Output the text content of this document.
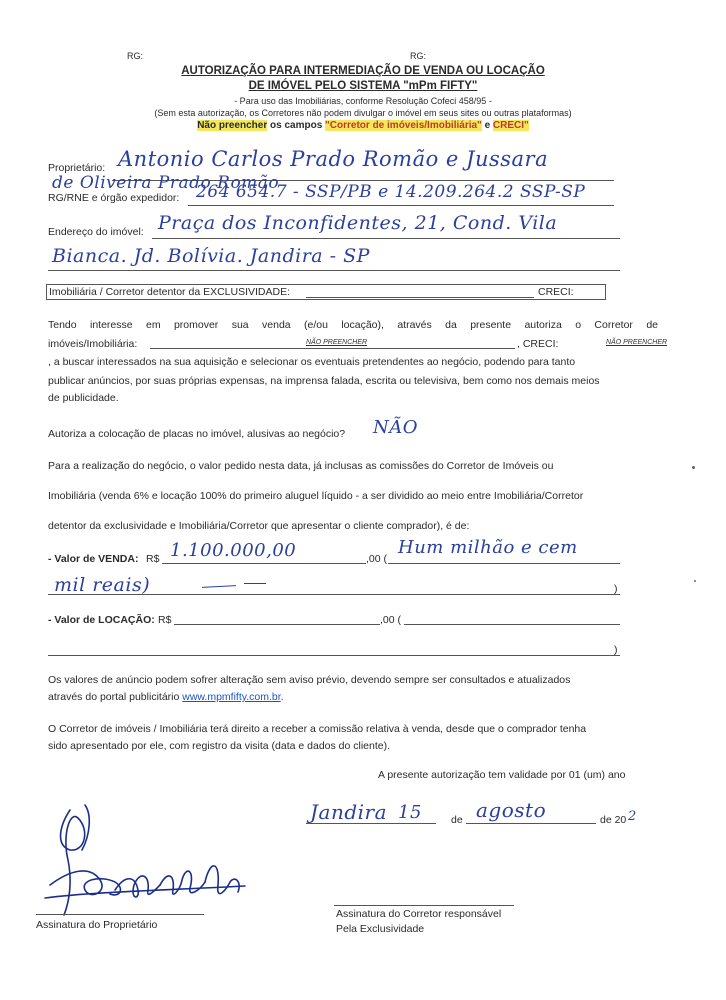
RG:	RG:
AUTORIZAÇÃO PARA INTERMEDIAÇÃO DE VENDA OU LOCAÇÃO
DE IMÓVEL PELO SISTEMA "mPm FIFTY"
- Para uso das Imobiliárias, conforme Resolução Cofeci 458/95 -
(Sem esta autorização, os Corretores não podem divulgar o imóvel em seus sites ou outras plataformas)
Não preencher os campos "Corretor de imóveis/Imobiliária" e CRECI"
Proprietário: Antonio Carlos Prado Romão e Jussara
de Oliveira Prado Romão
RG/RNE e órgão expedidor: 264 654.7 - SSP/PB e 14.209.264.2 SSP-SP
Endereço do imóvel: Praça dos Inconfidentes, 21, Cond. Vila
Bianca. Jd. Bolívia. Jandira - SP
Imobiliária / Corretor detentor da EXCLUSIVIDADE:	CRECI:
Tendo interesse em promover sua venda (e/ou locação), através da presente autoriza o Corretor de
imóveis/Imobiliária:	NÃO PREENCHER	, CRECI:	NÃO PREENCHER
, a buscar interessados na sua aquisição e selecionar os eventuais pretendentes ao negócio, podendo para tanto
publicar anúncios, por suas próprias expensas, na imprensa falada, escrita ou televisiva, bem como nos demais meios
de publicidade.
Autoriza a colocação de placas no imóvel, alusivas ao negócio? NÃO
Para a realização do negócio, o valor pedido nesta data, já inclusas as comissões do Corretor de Imóveis ou
Imobiliária (venda 6% e locação 100% do primeiro aluguel líquido - a ser dividido ao meio entre Imobiliária/Corretor
detentor da exclusividade e Imobiliária/Corretor que apresentar o cliente comprador), é de:
- Valor de VENDA: R$ 1.100.000,00	,00 (
Hum milhão e cem
mil reais)	)
- Valor de LOCAÇÃO: R$	,00 (
)
Os valores de anúncio podem sofrer alteração sem aviso prévio, devendo sempre ser consultados e atualizados
através do portal publicitário www.mpmfifty.com.br.
O Corretor de imóveis / Imobiliária terá direito a receber a comissão relativa à venda, desde que o comprador tenha
sido apresentado por ele, com registro da visita (data e dados do cliente).
A presente autorização tem validade por 01 (um) ano
Jandira 15	de agosto	de 20 2
Assinatura do Proprietário
Assinatura do Corretor responsável
Pela Exclusividade
